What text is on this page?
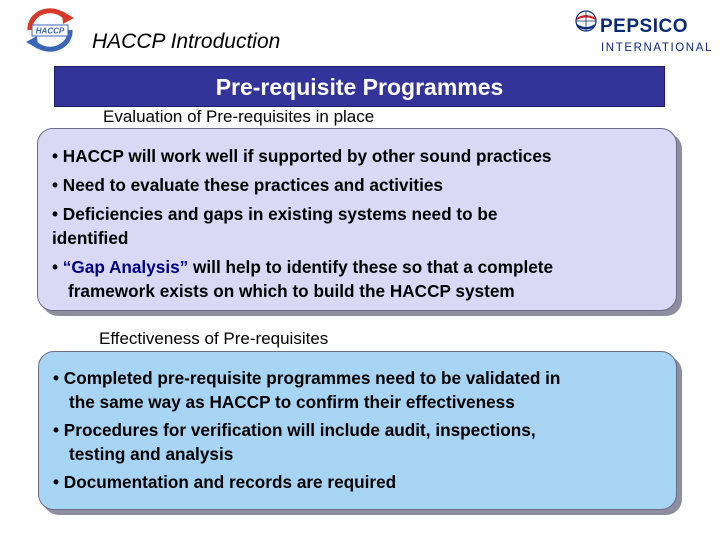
HACCP HACCP Introduction
PEPSICO
INTERNATIONAL
Pre-requisite Programmes
Evaluation of Pre-requisites in place
• HACCP will work well if supported by other sound practices
• Need to evaluate these practices and activities
• Deficiencies and gaps in existing systems need to be
identified
• “Gap Analysis” will help to identify these so that a complete
framework exists on which to build the HACCP system
Effectiveness of Pre-requisites
• Completed pre-requisite programmes need to be validated in
the same way as HACCP to confirm their effectiveness
• Procedures for verification will include audit, inspections,
testing and analysis
• Documentation and records are required
